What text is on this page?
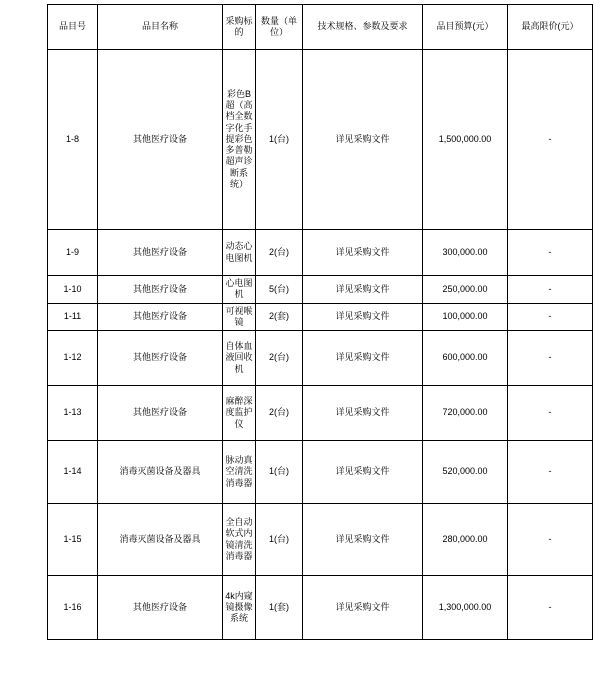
品目号	品目名称	采购标的	数量（单位）	技术规格、参数及要求	品目预算(元）	最高限价(元）
1-8	其他医疗设备	彩色B超（高档全数字化手提彩色多普勒超声诊断系统）	1(台)	详见采购文件	1,500,000.00	-
1-9	其他医疗设备	动态心电图机	2(台)	详见采购文件	300,000.00	-
1-10	其他医疗设备	心电图机	5(台)	详见采购文件	250,000.00	-
1-11	其他医疗设备	可视喉镜	2(套)	详见采购文件	100,000.00	-
1-12	其他医疗设备	自体血液回收机	2(台)	详见采购文件	600,000.00	-
1-13	其他医疗设备	麻醉深度监护仪	2(台)	详见采购文件	720,000.00	-
1-14	消毒灭菌设备及器具	脉动真空清洗消毒器	1(台)	详见采购文件	520,000.00	-
1-15	消毒灭菌设备及器具	全自动软式内镜清洗消毒器	1(台)	详见采购文件	280,000.00	-
1-16	其他医疗设备	4k内窥镜摄像系统	1(套)	详见采购文件	1,300,000.00	-
